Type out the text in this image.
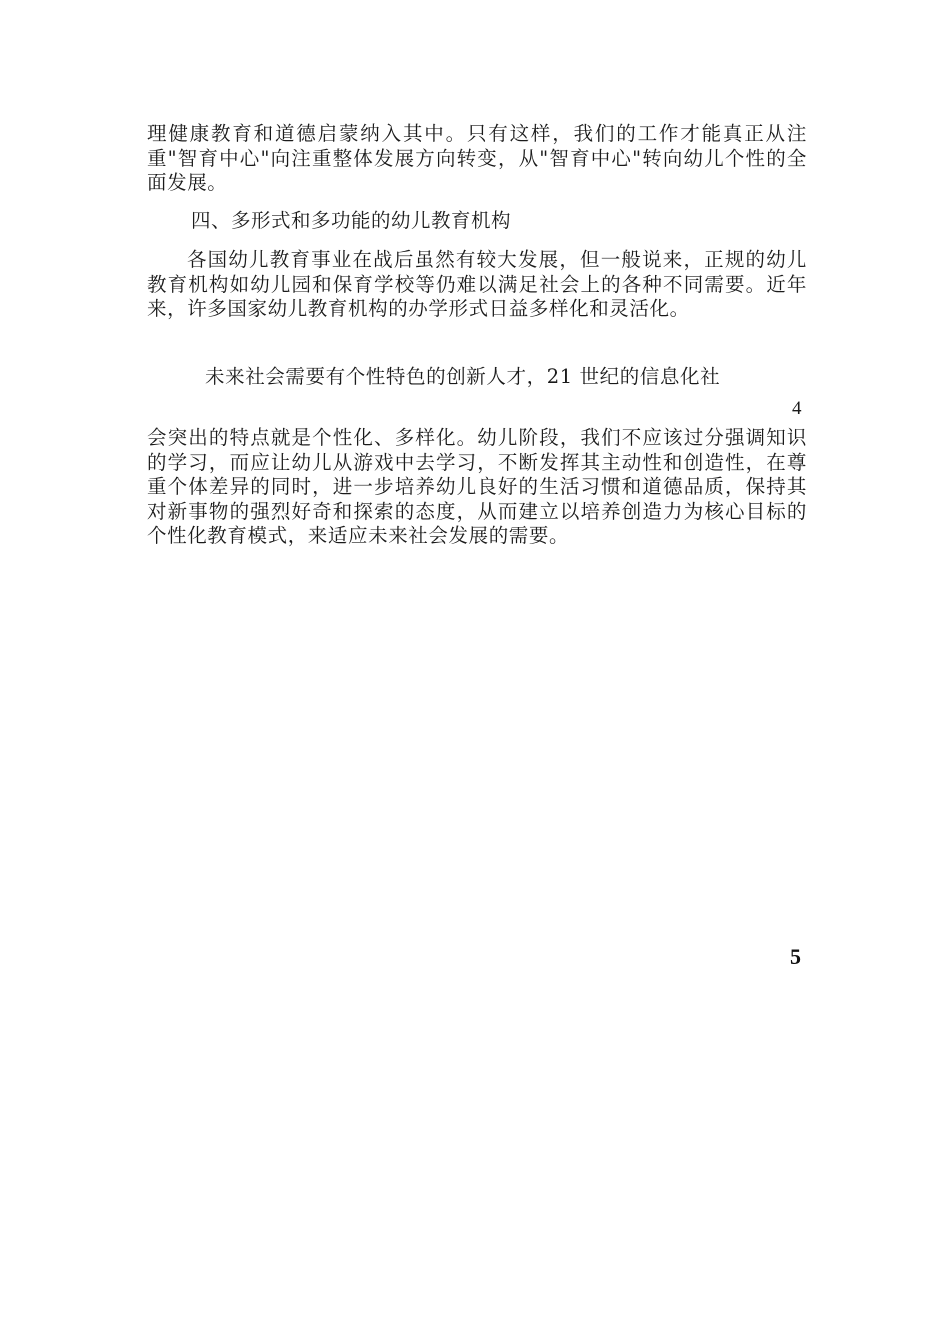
理健康教育和道德启蒙纳入其中。只有这样，我们的工作才能真正从注重"智育中心"向注重整体发展方向转变，从"智育中心"转向幼儿个性的全面发展。

四、多形式和多功能的幼儿教育机构

各国幼儿教育事业在战后虽然有较大发展，但一般说来，正规的幼儿教育机构如幼儿园和保育学校等仍难以满足社会上的各种不同需要。近年来，许多国家幼儿教育机构的办学形式日益多样化和灵活化。

未来社会需要有个性特色的创新人才，21 世纪的信息化社

4

会突出的特点就是个性化、多样化。幼儿阶段，我们不应该过分强调知识的学习，而应让幼儿从游戏中去学习，不断发挥其主动性和创造性，在尊重个体差异的同时，进一步培养幼儿良好的生活习惯和道德品质，保持其对新事物的强烈好奇和探索的态度，从而建立以培养创造力为核心目标的个性化教育模式，来适应未来社会发展的需要。

5
